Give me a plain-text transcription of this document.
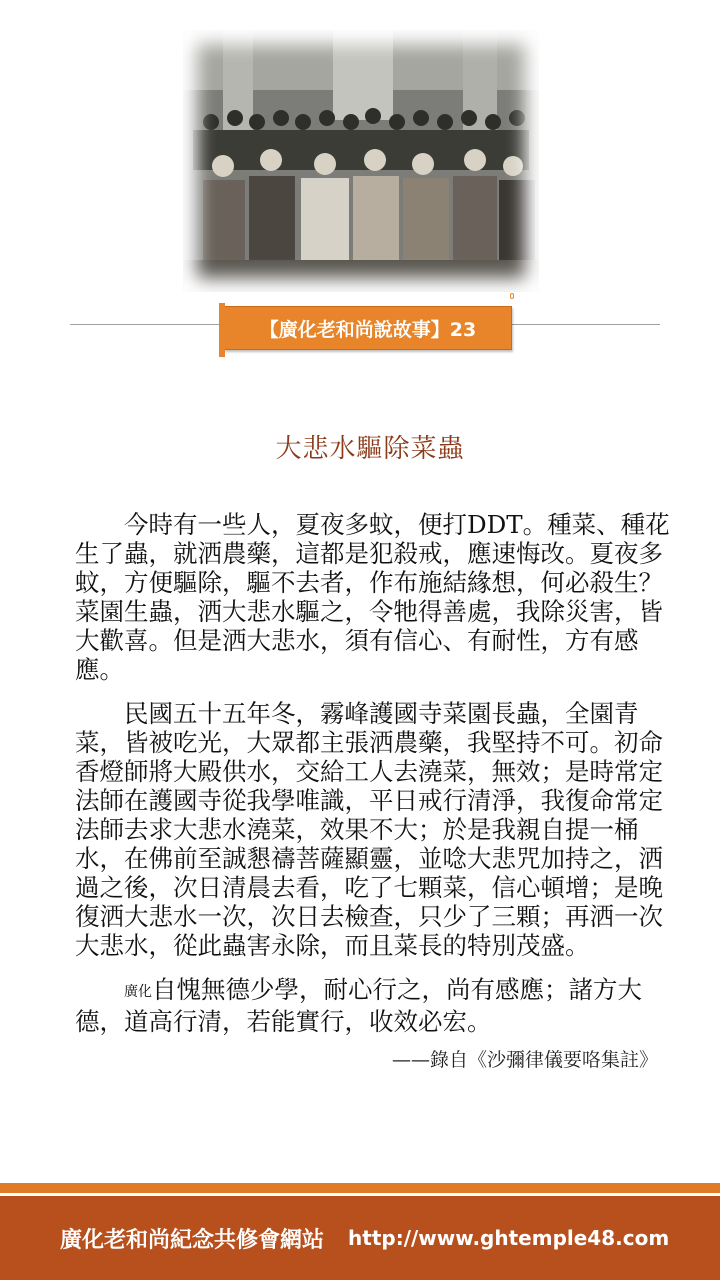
【廣化老和尚說故事】23
大悲水驅除菜蟲

今時有一些人，夏夜多蚊，便打DDT。種菜、種花生了蟲，就洒農藥，這都是犯殺戒，應速悔改。夏夜多蚊，方便驅除，驅不去者，作布施結緣想，何必殺生？菜園生蟲，洒大悲水驅之，令牠得善處，我除災害，皆大歡喜。但是洒大悲水，須有信心、有耐性，方有感應。

民國五十五年冬，霧峰護國寺菜園長蟲，全園青菜，皆被吃光，大眾都主張洒農藥，我堅持不可。初命香燈師將大殿供水，交給工人去澆菜，無效；是時常定法師在護國寺從我學唯識，平日戒行清淨，我復命常定法師去求大悲水澆菜，效果不大；於是我親自提一桶水，在佛前至誠懇禱菩薩顯靈，並唸大悲咒加持之，洒過之後，次日清晨去看，吃了七顆菜，信心頓增；是晚復洒大悲水一次，次日去檢查，只少了三顆；再洒一次大悲水，從此蟲害永除，而且菜長的特別茂盛。

廣化自愧無德少學，耐心行之，尚有感應；諸方大德，道高行清，若能實行，收效必宏。

——錄自《沙彌律儀要咯集註》
廣化老和尚紀念共修會網站 http://www.ghtemple48.com
